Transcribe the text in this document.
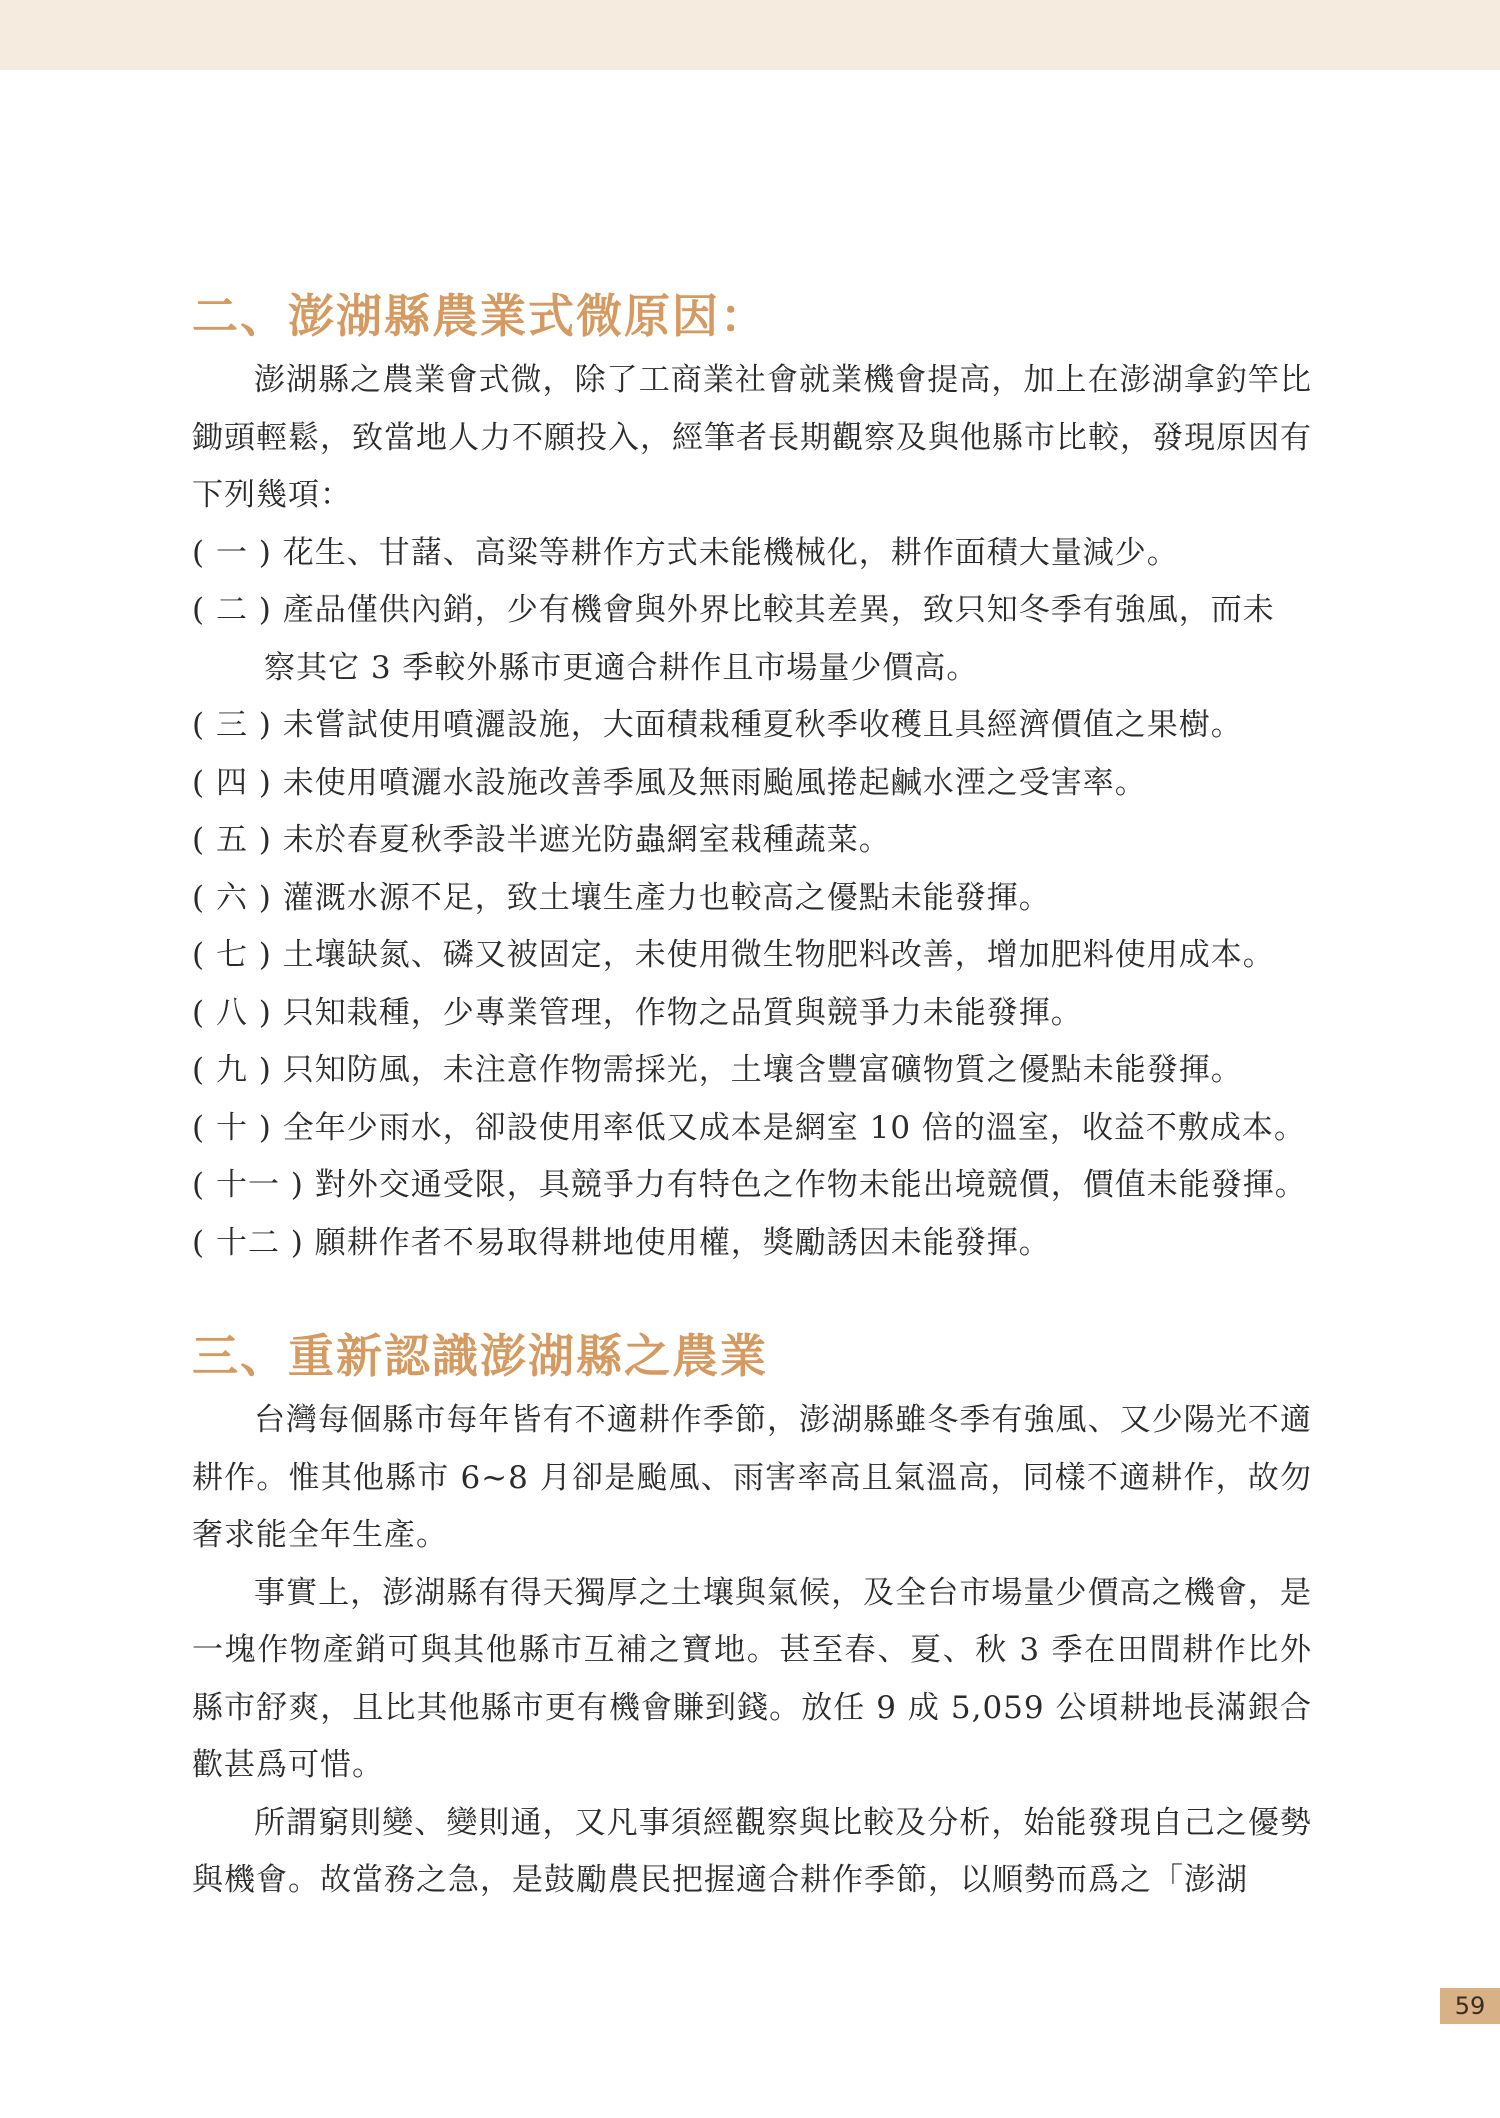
二、澎湖縣農業式微原因：

澎湖縣之農業會式微，除了工商業社會就業機會提高，加上在澎湖拿釣竿比鋤頭輕鬆，致當地人力不願投入，經筆者長期觀察及與他縣市比較，發現原因有下列幾項：

( 一 ) 花生、甘藷、高粱等耕作方式未能機械化，耕作面積大量減少。

( 二 ) 產品僅供內銷，少有機會與外界比較其差異，致只知冬季有強風，而未

察其它 3 季較外縣市更適合耕作且市場量少價高。

( 三 ) 未嘗試使用噴灑設施，大面積栽種夏秋季收穫且具經濟價值之果樹。

( 四 ) 未使用噴灑水設施改善季風及無雨颱風捲起鹹水湮之受害率。

( 五 ) 未於春夏秋季設半遮光防蟲網室栽種蔬菜。

( 六 ) 灌溉水源不足，致土壤生產力也較高之優點未能發揮。

( 七 ) 土壤缺氮、磷又被固定，未使用微生物肥料改善，增加肥料使用成本。

( 八 ) 只知栽種，少專業管理，作物之品質與競爭力未能發揮。

( 九 ) 只知防風，未注意作物需採光，土壤含豐富礦物質之優點未能發揮。

( 十 ) 全年少雨水，卻設使用率低又成本是網室 10 倍的溫室，收益不敷成本。

( 十一 ) 對外交通受限，具競爭力有特色之作物未能出境競價，價值未能發揮。

( 十二 ) 願耕作者不易取得耕地使用權，獎勵誘因未能發揮。

三、重新認識澎湖縣之農業

台灣每個縣市每年皆有不適耕作季節，澎湖縣雖冬季有強風、又少陽光不適耕作。惟其他縣市 6~8 月卻是颱風、雨害率高且氣溫高，同樣不適耕作，故勿奢求能全年生產。

事實上，澎湖縣有得天獨厚之土壤與氣候，及全台市場量少價高之機會，是一塊作物產銷可與其他縣市互補之寶地。甚至春、夏、秋 3 季在田間耕作比外縣市舒爽，且比其他縣市更有機會賺到錢。放任 9 成 5,059 公頃耕地長滿銀合歡甚爲可惜。

所謂窮則變、變則通，又凡事須經觀察與比較及分析，始能發現自己之優勢與機會。故當務之急，是鼓勵農民把握適合耕作季節，以順勢而爲之「澎湖

59
